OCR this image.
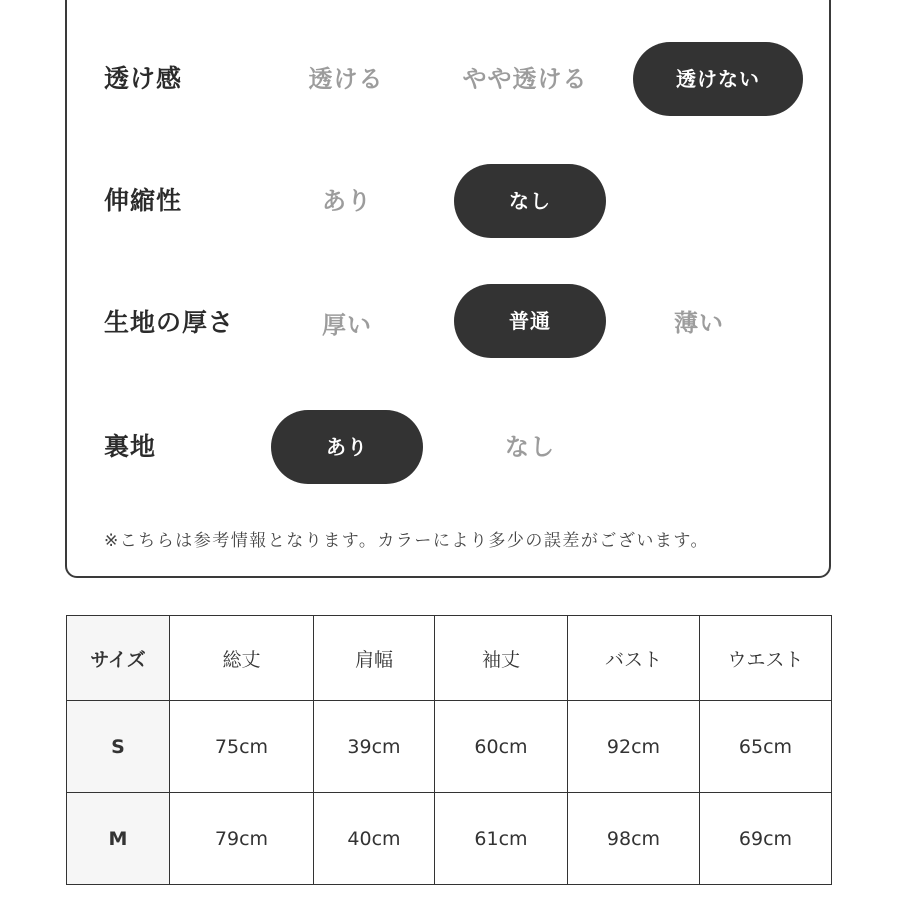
透け感	透ける	やや透ける	透けない
伸縮性	あり	なし
生地の厚さ	厚い	普通	薄い
裏地	あり	なし
※こちらは参考情報となります。カラーにより多少の誤差がございます。
サイズ	総丈	肩幅	袖丈	バスト	ウエスト
S	75cm	39cm	60cm	92cm	65cm
M	79cm	40cm	61cm	98cm	69cm
